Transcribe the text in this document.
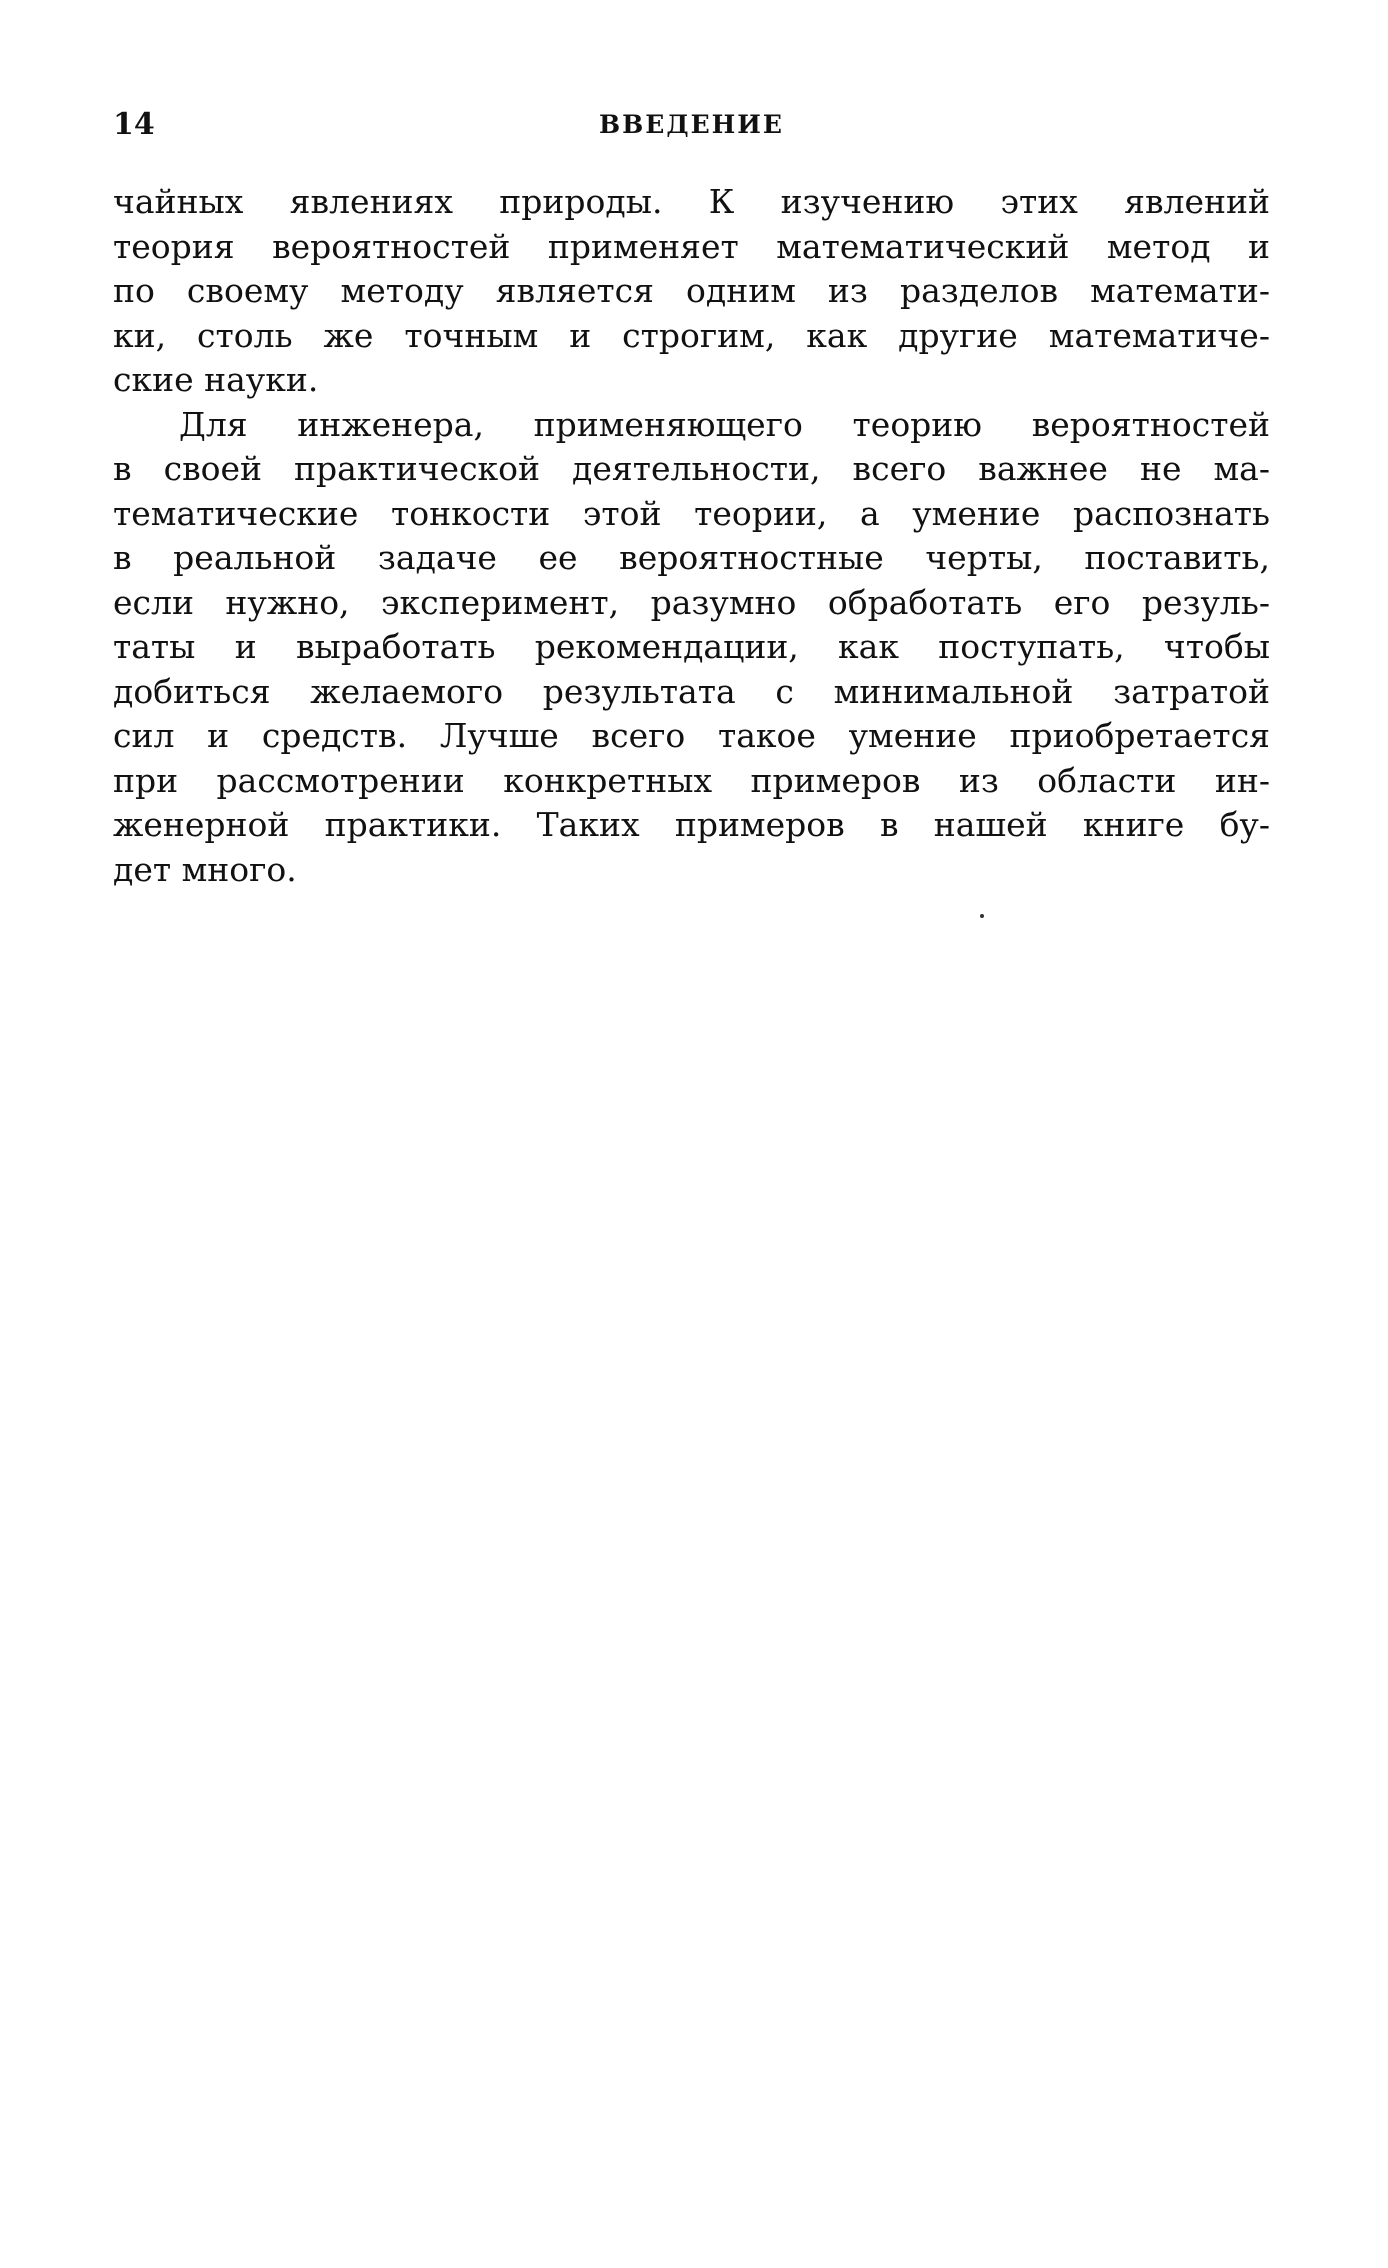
14	ВВЕДЕНИЕ
чайных явлениях природы. К изучению этих явлений
теория вероятностей применяет математический метод и
по своему методу является одним из разделов математи-
ки, столь же точным и строгим, как другие математиче-
ские науки.
Для инженера, применяющего теорию вероятностей
в своей практической деятельности, всего важнее не ма-
тематические тонкости этой теории, а умение распознать
в реальной задаче ее вероятностные черты, поставить,
если нужно, эксперимент, разумно обработать его резуль-
таты и выработать рекомендации, как поступать, чтобы
добиться желаемого результата с минимальной затратой
сил и средств. Лучше всего такое умение приобретается
при рассмотрении конкретных примеров из области ин-
женерной практики. Таких примеров в нашей книге бу-
дет много.
